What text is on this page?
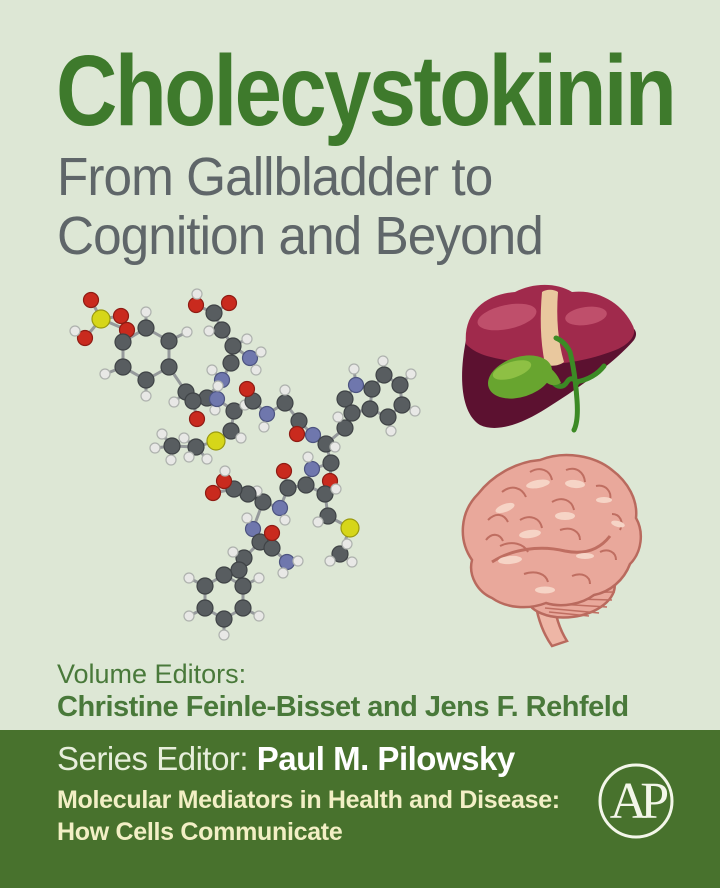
Cholecystokinin
From Gallbladder to
Cognition and Beyond
Volume Editors:
Christine Feinle-Bisset and Jens F. Rehfeld
Series Editor: Paul M. Pilowsky
Molecular Mediators in Health and Disease:
How Cells Communicate
AP
